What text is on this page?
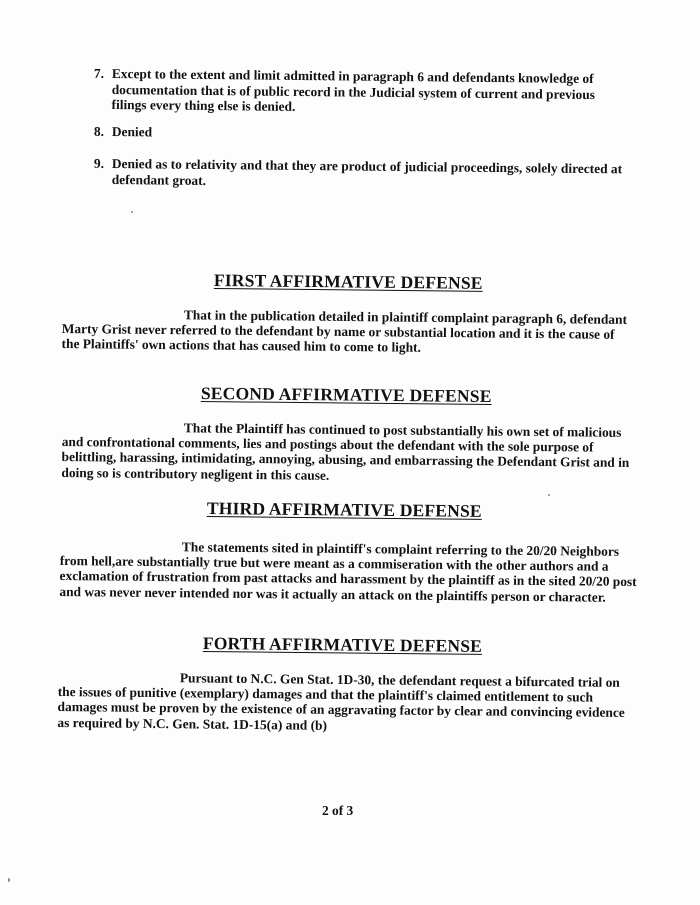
7. Except to the extent and limit admitted in paragraph 6 and defendants knowledge of documentation that is of public record in the Judicial system of current and previous filings every thing else is denied.
8. Denied
9. Denied as to relativity and that they are product of judicial proceedings, solely directed at defendant groat.
FIRST AFFIRMATIVE DEFENSE
That in the publication detailed in plaintiff complaint paragraph 6, defendant Marty Grist never referred to the defendant by name or substantial location and it is the cause of the Plaintiffs' own actions that has caused him to come to light.
SECOND AFFIRMATIVE DEFENSE
That the Plaintiff has continued to post substantially his own set of malicious and confrontational comments, lies and postings about the defendant with the sole purpose of belittling, harassing, intimidating, annoying, abusing, and embarrassing the Defendant Grist and in doing so is contributory negligent in this cause.
THIRD AFFIRMATIVE DEFENSE
The statements sited in plaintiff's complaint referring to the 20/20 Neighbors from hell,are substantially true but were meant as a commiseration with the other authors and a exclamation of frustration from past attacks and harassment by the plaintiff as in the sited 20/20 post and was never never intended nor was it actually an attack on the plaintiffs person or character.
FORTH AFFIRMATIVE DEFENSE
Pursuant to N.C. Gen Stat. 1D-30, the defendant request a bifurcated trial on the issues of punitive (exemplary) damages and that the plaintiff's claimed entitlement to such damages must be proven by the existence of an aggravating factor by clear and convincing evidence as required by N.C. Gen. Stat. 1D-15(a) and (b)
2 of 3
